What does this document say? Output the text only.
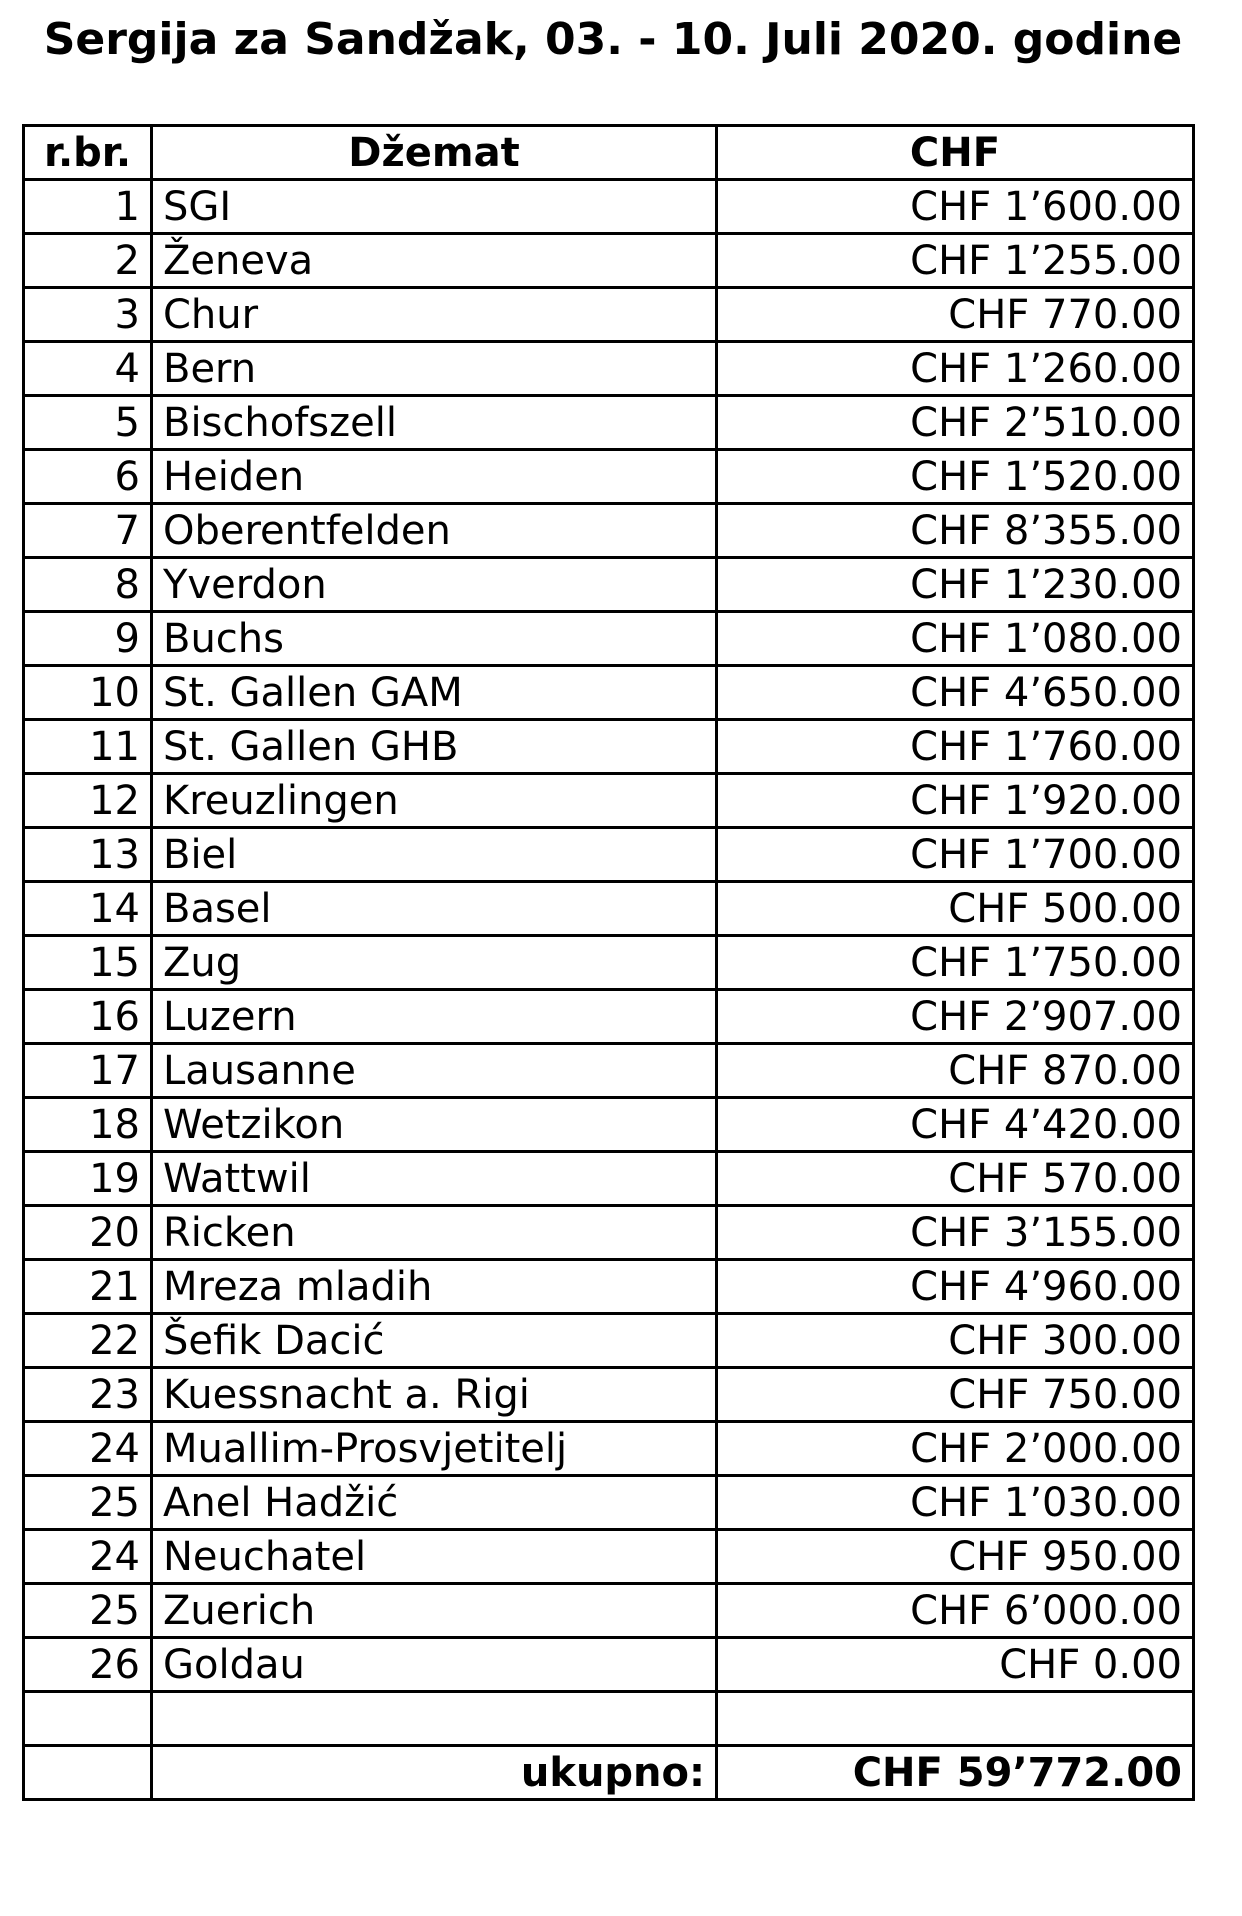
Sergija za Sandžak, 03. - 10. Juli 2020. godine
r.br.	Džemat	CHF
1	SGI	CHF 1’600.00
2	Ženeva	CHF 1’255.00
3	Chur	CHF 770.00
4	Bern	CHF 1’260.00
5	Bischofszell	CHF 2’510.00
6	Heiden	CHF 1’520.00
7	Oberentfelden	CHF 8’355.00
8	Yverdon	CHF 1’230.00
9	Buchs	CHF 1’080.00
10	St. Gallen GAM	CHF 4’650.00
11	St. Gallen GHB	CHF 1’760.00
12	Kreuzlingen	CHF 1’920.00
13	Biel	CHF 1’700.00
14	Basel	CHF 500.00
15	Zug	CHF 1’750.00
16	Luzern	CHF 2’907.00
17	Lausanne	CHF 870.00
18	Wetzikon	CHF 4’420.00
19	Wattwil	CHF 570.00
20	Ricken	CHF 3’155.00
21	Mreza mladih	CHF 4’960.00
22	Šefik Dacić	CHF 300.00
23	Kuessnacht a. Rigi	CHF 750.00
24	Muallim-Prosvjetitelj	CHF 2’000.00
25	Anel Hadžić	CHF 1’030.00
24	Neuchatel	CHF 950.00
25	Zuerich	CHF 6’000.00
26	Goldau	CHF 0.00

	ukupno:	CHF 59’772.00
